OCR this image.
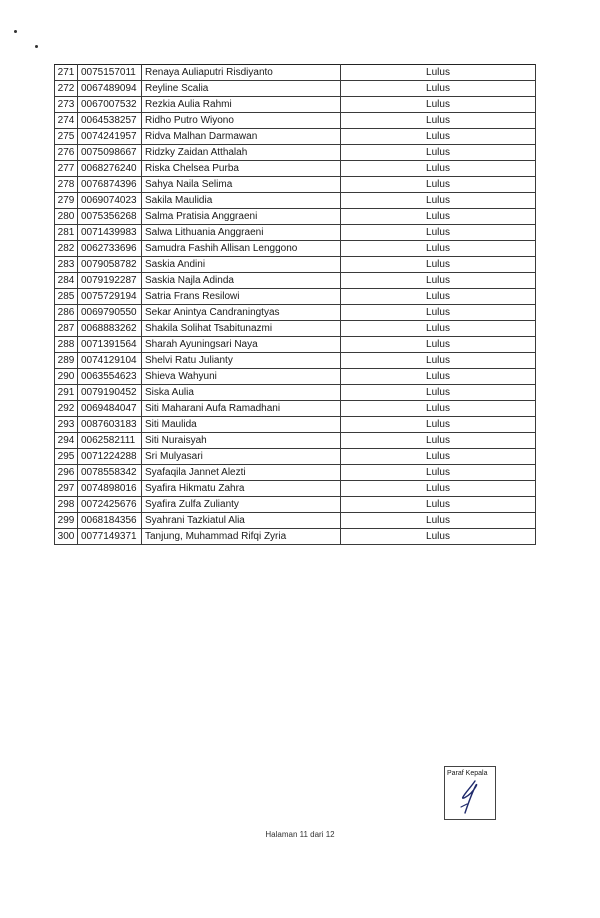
271	0075157011	Renaya Auliaputri Risdiyanto	Lulus
272	0067489094	Reyline Scalia	Lulus
273	0067007532	Rezkia Aulia Rahmi	Lulus
274	0064538257	Ridho Putro Wiyono	Lulus
275	0074241957	Ridva Malhan Darmawan	Lulus
276	0075098667	Ridzky Zaidan Atthalah	Lulus
277	0068276240	Riska Chelsea Purba	Lulus
278	0076874396	Sahya Naila Selima	Lulus
279	0069074023	Sakila Maulidia	Lulus
280	0075356268	Salma Pratisia Anggraeni	Lulus
281	0071439983	Salwa Lithuania Anggraeni	Lulus
282	0062733696	Samudra Fashih Allisan Lenggono	Lulus
283	0079058782	Saskia Andini	Lulus
284	0079192287	Saskia Najla Adinda	Lulus
285	0075729194	Satria Frans Resilowi	Lulus
286	0069790550	Sekar Anintya Candraningtyas	Lulus
287	0068883262	Shakila Solihat Tsabitunazmi	Lulus
288	0071391564	Sharah Ayuningsari Naya	Lulus
289	0074129104	Shelvi Ratu Julianty	Lulus
290	0063554623	Shieva Wahyuni	Lulus
291	0079190452	Siska Aulia	Lulus
292	0069484047	Siti Maharani Aufa Ramadhani	Lulus
293	0087603183	Siti Maulida	Lulus
294	0062582111	Siti Nuraisyah	Lulus
295	0071224288	Sri Mulyasari	Lulus
296	0078558342	Syafaqila Jannet Alezti	Lulus
297	0074898016	Syafira Hikmatu Zahra	Lulus
298	0072425676	Syafira Zulfa Zulianty	Lulus
299	0068184356	Syahrani Tazkiatul Alia	Lulus
300	0077149371	Tanjung, Muhammad Rifqi Zyria	Lulus
Paraf Kepala
Halaman 11 dari 12
